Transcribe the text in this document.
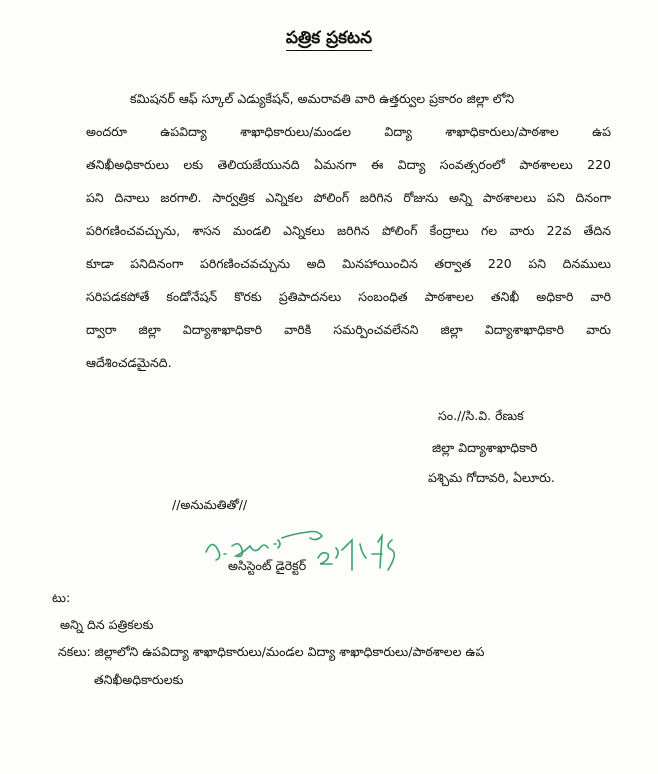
పత్రిక ప్రకటన
కమిషనర్ ఆఫ్ స్కూల్ ఎడ్యుకేషన్, అమరావతి వారి ఉత్తర్వుల ప్రకారం జిల్లా లోని
అందరూ ఉపవిద్యా శాఖాధికారులు/మండల విద్యా శాఖాధికారులు/పాఠశాల ఉప
తనిఖీఅధికారులు లకు తెలియజేయునది ఏమనగా ఈ విద్యా సంవత్సరంలో పాఠశాలలు 220
పని దినాలు జరగాలి. సార్వత్రిక ఎన్నికల పోలింగ్ జరిగిన రోజును అన్ని పాఠశాలలు పని దినంగా
పరిగణించవచ్చును, శాసన మండలి ఎన్నికలు జరిగిన పోలింగ్ కేంద్రాలు గల వారు 22వ తేదిన
కూడా పనిదినంగా పరిగణించవచ్చును అది మినహాయించిన తర్వాత 220 పని దినములు
సరిపడకపోతే కండోనేషన్ కొరకు ప్రతిపాదనలు సంబంధిత పాఠశాలల తనిఖీ అధికారి వారి
ద్వారా జిల్లా విద్యాశాఖాధికారి వారికి సమర్పించవలేనని జిల్లా విద్యాశాఖాధికారి వారు
ఆదేశించడమైనది.
సం.//సి.వి. రేణుక
జిల్లా విద్యాశాఖాధికారి
పశ్చిమ గోదావరి, ఏలూరు.
//అనుమతితో//
అసిస్టెంట్ డైరెక్టర్
టు:
అన్ని దిన పత్రికలకు
నకలు: జిల్లాలోని ఉపవిద్యా శాఖాధికారులు/మండల విద్యా శాఖాధికారులు/పాఠశాలల ఉప
తనిఖీఅధికారులకు
